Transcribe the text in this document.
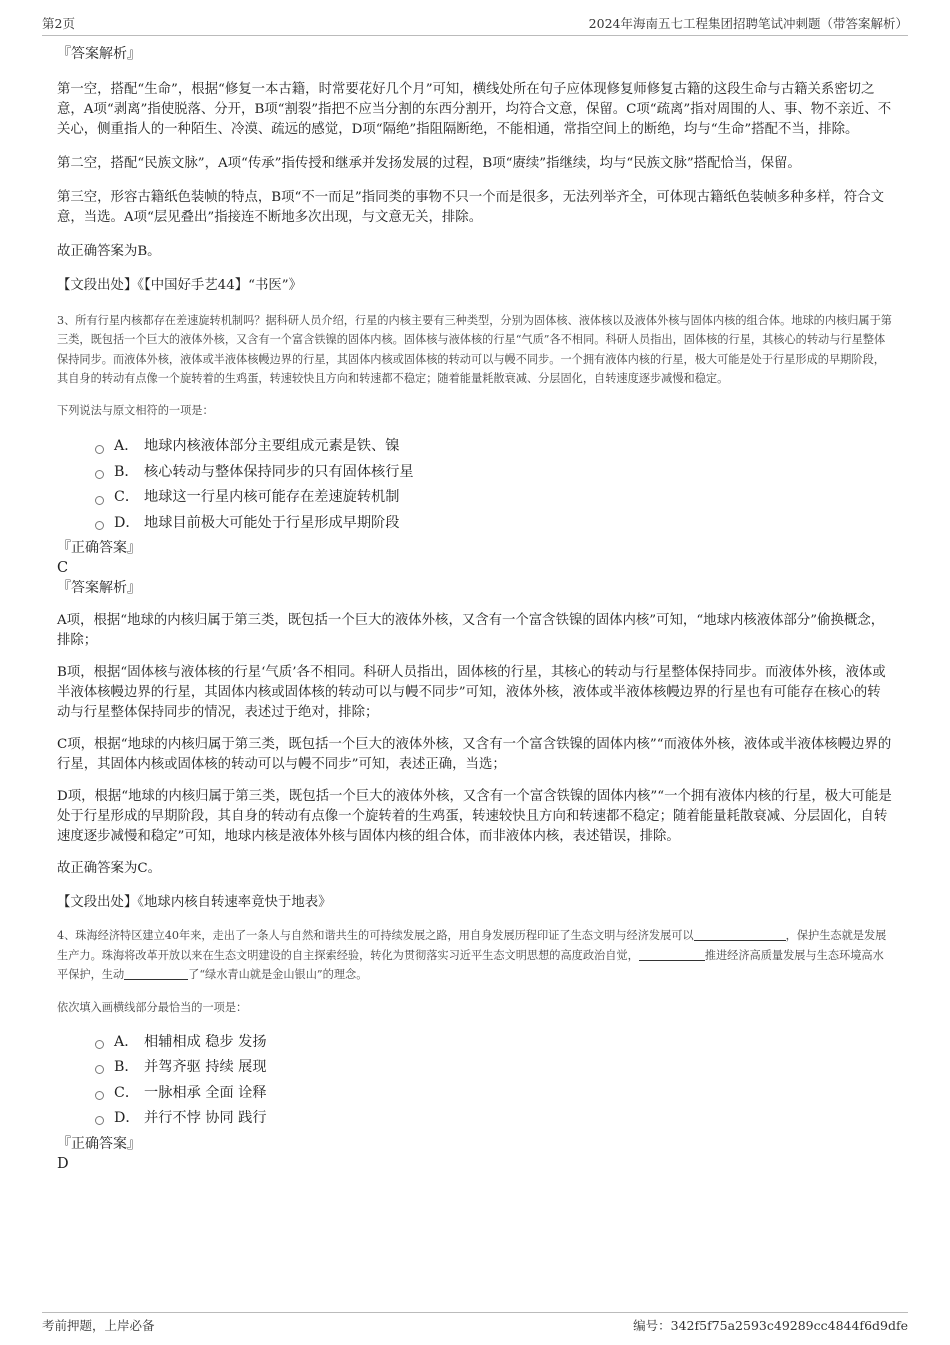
第2页	2024年海南五七工程集团招聘笔试冲刺题（带答案解析）

『答案解析』

第一空，搭配“生命”，根据“修复一本古籍，时常要花好几个月”可知，横线处所在句子应体现修复师修复古籍的这段生命与古籍关系密切之意，A项“剥离”指使脱落、分开，B项“割裂”指把不应当分割的东西分割开，均符合文意，保留。C项“疏离”指对周围的人、事、物不亲近、不关心，侧重指人的一种陌生、冷漠、疏远的感觉，D项“隔绝”指阻隔断绝，不能相通，常指空间上的断绝，均与“生命”搭配不当，排除。

第二空，搭配“民族文脉”，A项“传承”指传授和继承并发扬发展的过程，B项“赓续”指继续，均与“民族文脉”搭配恰当，保留。

第三空，形容古籍纸色装帧的特点，B项“不一而足”指同类的事物不只一个而是很多，无法列举齐全，可体现古籍纸色装帧多种多样，符合文意，当选。A项“层见叠出”指接连不断地多次出现，与文意无关，排除。

故正确答案为B。

【文段出处】《【中国好手艺44】“书医”》

3、所有行星内核都存在差速旋转机制吗？据科研人员介绍，行星的内核主要有三种类型，分别为固体核、液体核以及液体外核与固体内核的组合体。地球的内核归属于第三类，既包括一个巨大的液体外核，又含有一个富含铁镍的固体内核。固体核与液体核的行星“气质”各不相同。科研人员指出，固体核的行星，其核心的转动与行星整体保持同步。而液体外核，液体或半液体核幔边界的行星，其固体内核或固体核的转动可以与幔不同步。一个拥有液体内核的行星，极大可能是处于行星形成的早期阶段，其自身的转动有点像一个旋转着的生鸡蛋，转速较快且方向和转速都不稳定；随着能量耗散衰减、分层固化，自转速度逐步减慢和稳定。

下列说法与原文相符的一项是：

A． 地球内核液体部分主要组成元素是铁、镍
B． 核心转动与整体保持同步的只有固体核行星
C． 地球这一行星内核可能存在差速旋转机制
D． 地球目前极大可能处于行星形成早期阶段

『正确答案』

C

『答案解析』

A项，根据“地球的内核归属于第三类，既包括一个巨大的液体外核，又含有一个富含铁镍的固体内核”可知，“地球内核液体部分”偷换概念，排除；

B项，根据“固体核与液体核的行星‘气质’各不相同。科研人员指出，固体核的行星，其核心的转动与行星整体保持同步。而液体外核，液体或半液体核幔边界的行星，其固体内核或固体核的转动可以与幔不同步”可知，液体外核，液体或半液体核幔边界的行星也有可能存在核心的转动与行星整体保持同步的情况，表述过于绝对，排除；

C项，根据“地球的内核归属于第三类，既包括一个巨大的液体外核，又含有一个富含铁镍的固体内核”“而液体外核，液体或半液体核幔边界的行星，其固体内核或固体核的转动可以与幔不同步”可知，表述正确，当选；

D项，根据“地球的内核归属于第三类，既包括一个巨大的液体外核，又含有一个富含铁镍的固体内核”“一个拥有液体内核的行星，极大可能是处于行星形成的早期阶段，其自身的转动有点像一个旋转着的生鸡蛋，转速较快且方向和转速都不稳定；随着能量耗散衰减、分层固化，自转速度逐步减慢和稳定”可知，地球内核是液体外核与固体内核的组合体，而非液体内核，表述错误，排除。

故正确答案为C。

【文段出处】《地球内核自转速率竟快于地表》

4、珠海经济特区建立40年来，走出了一条人与自然和谐共生的可持续发展之路，用自身发展历程印证了生态文明与经济发展可以	，保护生态就是发展生产力。珠海将改革开放以来在生态文明建设的自主探索经验，转化为贯彻落实习近平生态文明思想的高度政治自觉，	推进经济高质量发展与生态环境高水平保护，生动	了“绿水青山就是金山银山”的理念。

依次填入画横线部分最恰当的一项是：

A． 相辅相成 稳步 发扬
B． 并驾齐驱 持续 展现
C． 一脉相承 全面 诠释
D． 并行不悖 协同 践行

『正确答案』

D

考前押题，上岸必备	编号：342f5f75a2593c49289cc4844f6d9dfe
